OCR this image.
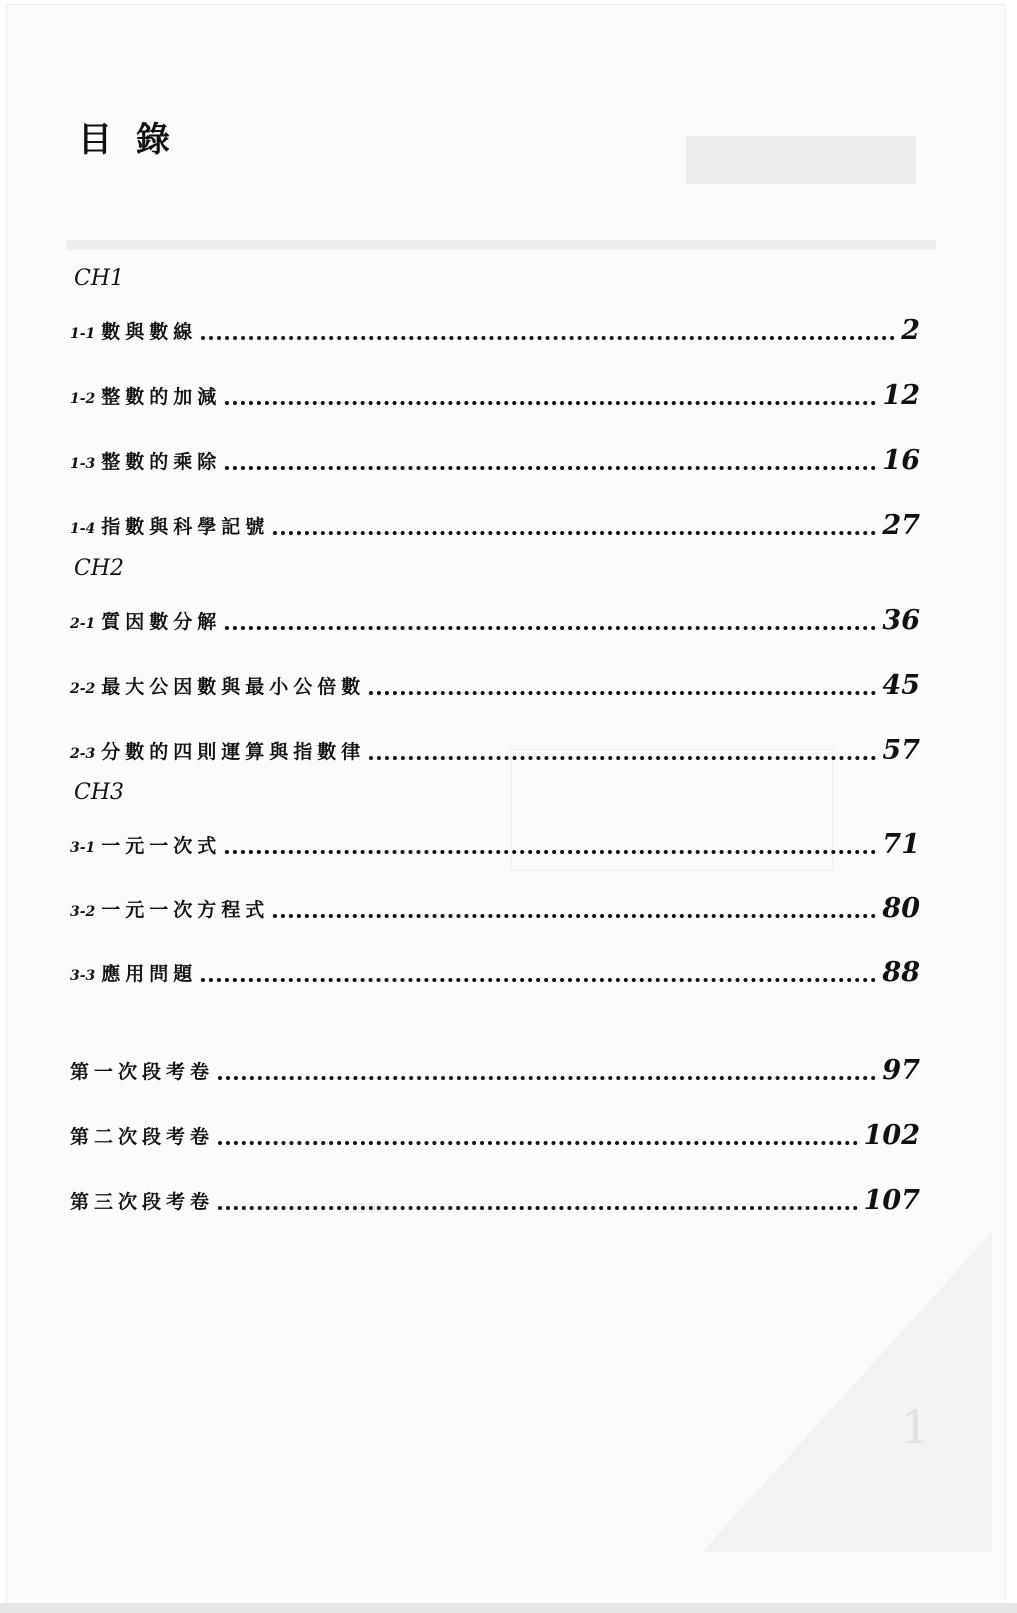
1
目 錄
CH1
1-1 數與數線	2
1-2 整數的加減	12
1-3 整數的乘除	16
1-4 指數與科學記號	27
CH2
2-1 質因數分解	36
2-2 最大公因數與最小公倍數	45
2-3 分數的四則運算與指數律	57
CH3
3-1 一元一次式	71
3-2 一元一次方程式	80
3-3 應用問題	88
第一次段考卷	97
第二次段考卷	102
第三次段考卷	107
